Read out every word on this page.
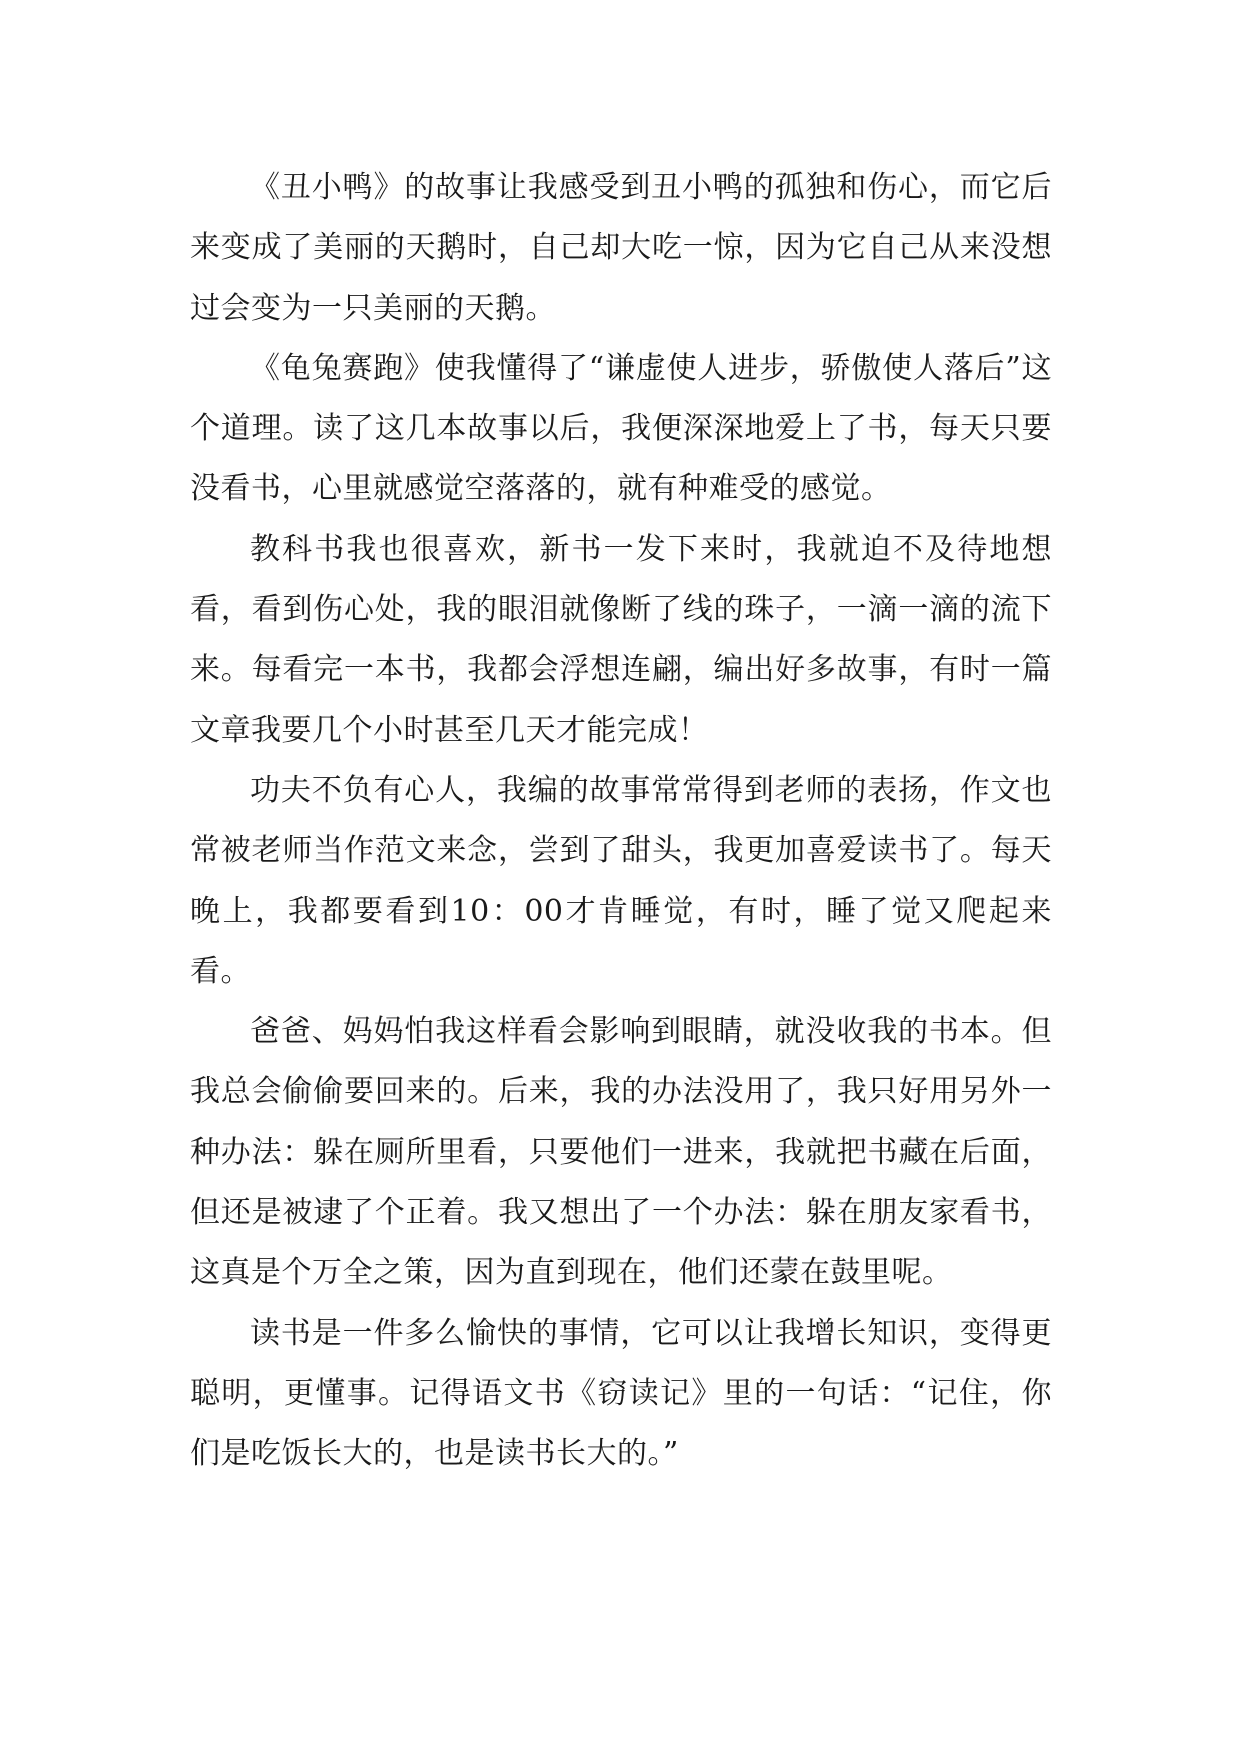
《丑小鸭》的故事让我感受到丑小鸭的孤独和伤心，而它后来变成了美丽的天鹅时，自己却大吃一惊，因为它自己从来没想过会变为一只美丽的天鹅。

《龟兔赛跑》使我懂得了“谦虚使人进步，骄傲使人落后”这个道理。读了这几本故事以后，我便深深地爱上了书，每天只要没看书，心里就感觉空落落的，就有种难受的感觉。

教科书我也很喜欢，新书一发下来时，我就迫不及待地想看，看到伤心处，我的眼泪就像断了线的珠子，一滴一滴的流下来。每看完一本书，我都会浮想连翩，编出好多故事，有时一篇文章我要几个小时甚至几天才能完成！

功夫不负有心人，我编的故事常常得到老师的表扬，作文也常被老师当作范文来念，尝到了甜头，我更加喜爱读书了。每天晚上，我都要看到10：00才肯睡觉，有时，睡了觉又爬起来看。

爸爸、妈妈怕我这样看会影响到眼睛，就没收我的书本。但我总会偷偷要回来的。后来，我的办法没用了，我只好用另外一种办法：躲在厕所里看，只要他们一进来，我就把书藏在后面，但还是被逮了个正着。我又想出了一个办法：躲在朋友家看书，这真是个万全之策，因为直到现在，他们还蒙在鼓里呢。

读书是一件多么愉快的事情，它可以让我增长知识，变得更聪明，更懂事。记得语文书《窃读记》里的一句话：“记住，你们是吃饭长大的，也是读书长大的。”
